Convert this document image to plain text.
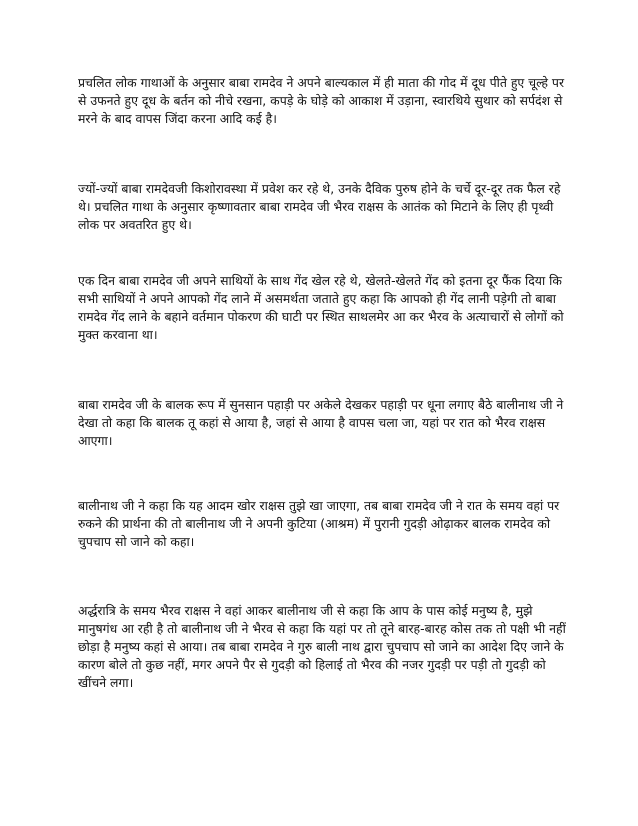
प्रचलित लोक गाथाओं के अनुसार बाबा रामदेव ने अपने बाल्यकाल में ही माता की गोद में दूध पीते हुए चूल्हे पर से उफनते हुए दूध के बर्तन को नीचे रखना, कपड़े के घोड़े को आकाश में उड़ाना, स्वारथिये सुथार को सर्पदंश से मरने के बाद वापस जिंदा करना आदि कई है।

ज्यों-ज्यों बाबा रामदेवजी किशोरावस्था में प्रवेश कर रहे थे, उनके दैविक पुरुष होने के चर्चे दूर-दूर तक फैल रहे थे। प्रचलित गाथा के अनुसार कृष्णावतार बाबा रामदेव जी भैरव राक्षस के आतंक को मिटाने के लिए ही पृथ्वी लोक पर अवतरित हुए थे।

एक दिन बाबा रामदेव जी अपने साथियों के साथ गेंद खेल रहे थे, खेलते-खेलते गेंद को इतना दूर फैंक दिया कि सभी साथियों ने अपने आपको गेंद लाने में असमर्थता जताते हुए कहा कि आपको ही गेंद लानी पड़ेगी तो बाबा रामदेव गेंद लाने के बहाने वर्तमान पोकरण की घाटी पर स्थित साथलमेर आ कर भैरव के अत्याचारों से लोगों को मुक्त करवाना था।

बाबा रामदेव जी के बालक रूप में सुनसान पहाड़ी पर अकेले देखकर पहाड़ी पर धूना लगाए बैठे बालीनाथ जी ने देखा तो कहा कि बालक तू कहां से आया है, जहां से आया है वापस चला जा, यहां पर रात को भैरव राक्षस आएगा।

बालीनाथ जी ने कहा कि यह आदम खोर राक्षस तुझे खा जाएगा, तब बाबा रामदेव जी ने रात के समय वहां पर रुकने की प्रार्थना की तो बालीनाथ जी ने अपनी कुटिया (आश्रम) में पुरानी गुदड़ी ओढ़ाकर बालक रामदेव को चुपचाप सो जाने को कहा।

अर्द्धरात्रि के समय भैरव राक्षस ने वहां आकर बालीनाथ जी से कहा कि आप के पास कोई मनुष्य है, मुझे मानुषगंध आ रही है तो बालीनाथ जी ने भैरव से कहा कि यहां पर तो तूने बारह-बारह कोस तक तो पक्षी भी नहीं छोड़ा है मनुष्य कहां से आया। तब बाबा रामदेव ने गुरु बाली नाथ द्वारा चुपचाप सो जाने का आदेश दिए जाने के कारण बोले तो कुछ नहीं, मगर अपने पैर से गुदड़ी को हिलाई तो भैरव की नजर गुदड़ी पर पड़ी तो गुदड़ी को खींचने लगा।
